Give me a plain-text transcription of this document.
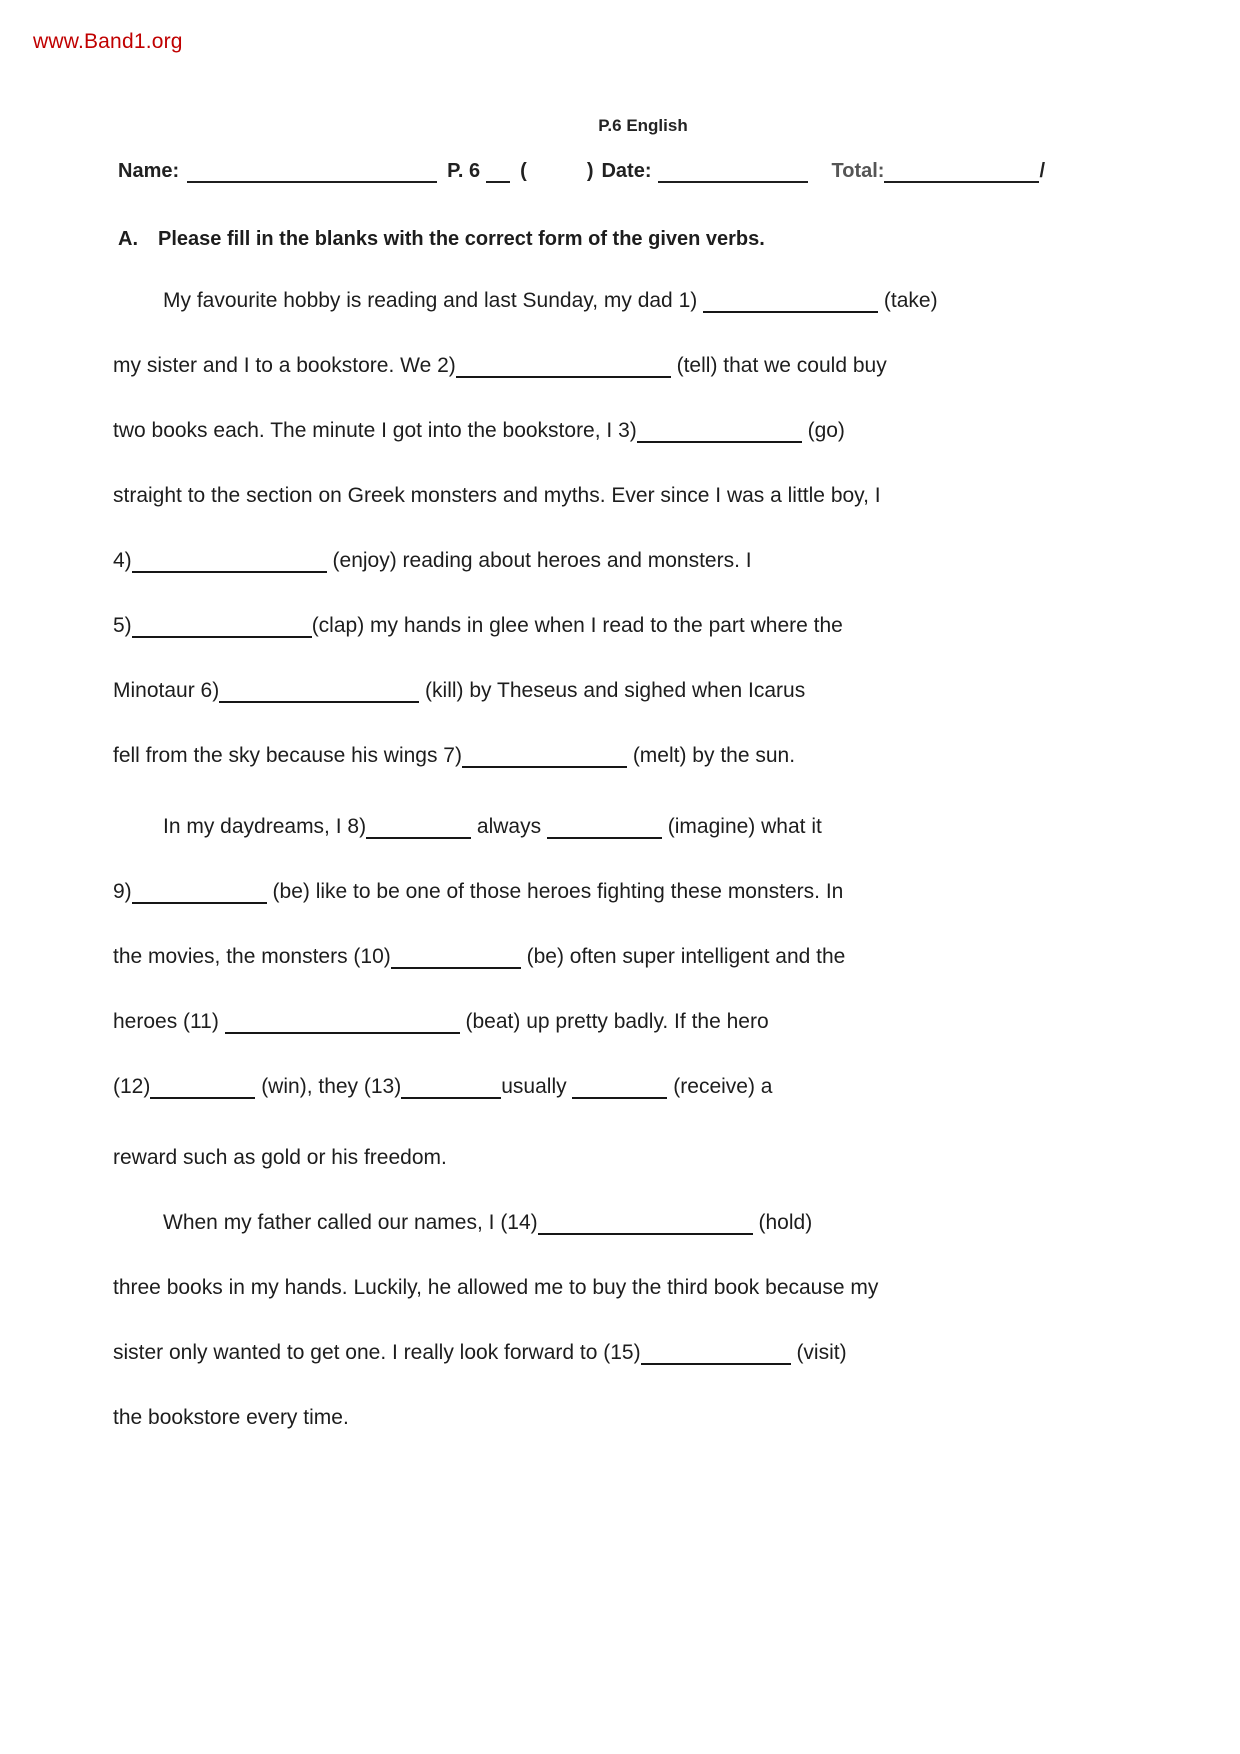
www.Band1.org
P.6 English
Name:	P. 6 (	) Date:	Total:	/
A.	Please fill in the blanks with the correct form of the given verbs.
My favourite hobby is reading and last Sunday, my dad 1)	(take)
my sister and I to a bookstore. We 2)	(tell) that we could buy
two books each. The minute I got into the bookstore, I 3)	(go)
straight to the section on Greek monsters and myths. Ever since I was a little boy, I
4)	(enjoy) reading about heroes and monsters. I
5)	(clap) my hands in glee when I read to the part where the
Minotaur 6)	(kill) by Theseus and sighed when Icarus
fell from the sky because his wings 7)	(melt) by the sun.
In my daydreams, I 8)	always	(imagine) what it
9)	(be) like to be one of those heroes fighting these monsters. In
the movies, the monsters (10)	(be) often super intelligent and the
heroes (11)	(beat) up pretty badly. If the hero
(12)	(win), they (13)	usually	(receive) a
reward such as gold or his freedom.
When my father called our names, I (14)	(hold)
three books in my hands. Luckily, he allowed me to buy the third book because my
sister only wanted to get one. I really look forward to (15)	(visit)
the bookstore every time.
